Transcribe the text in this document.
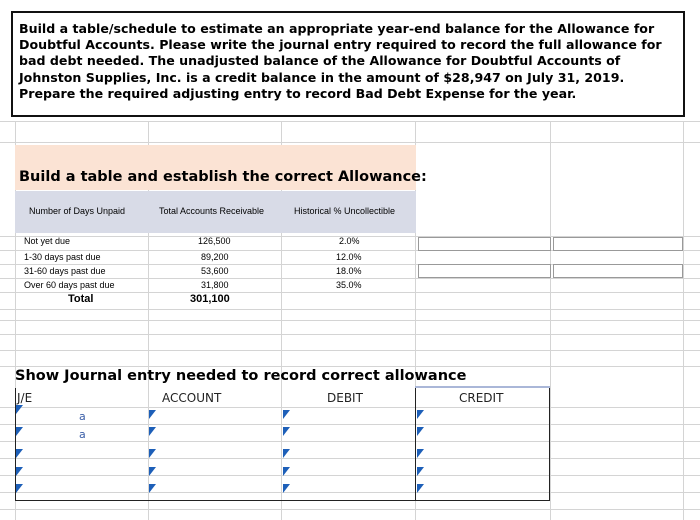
Build a table/schedule to estimate an appropriate year-end balance for the Allowance for Doubtful Accounts. Please write the journal entry required to record the full allowance for bad debt needed. The unadjusted balance of the Allowance for Doubtful Accounts of Johnston Supplies, Inc. is a credit balance in the amount of $28,947 on July 31, 2019. Prepare the required adjusting entry to record Bad Debt Expense for the year.
Build a table and establish the correct Allowance:
Number of Days Unpaid	Total Accounts Receivable	Historical % Uncollectible
Not yet due	126,500	2.0%
1-30 days past due	89,200	12.0%
31-60 days past due	53,600	18.0%
Over 60 days past due	31,800	35.0%
Total	301,100
Show Journal entry needed to record correct allowance
J/E	ACCOUNT	DEBIT	CREDIT
a
a
